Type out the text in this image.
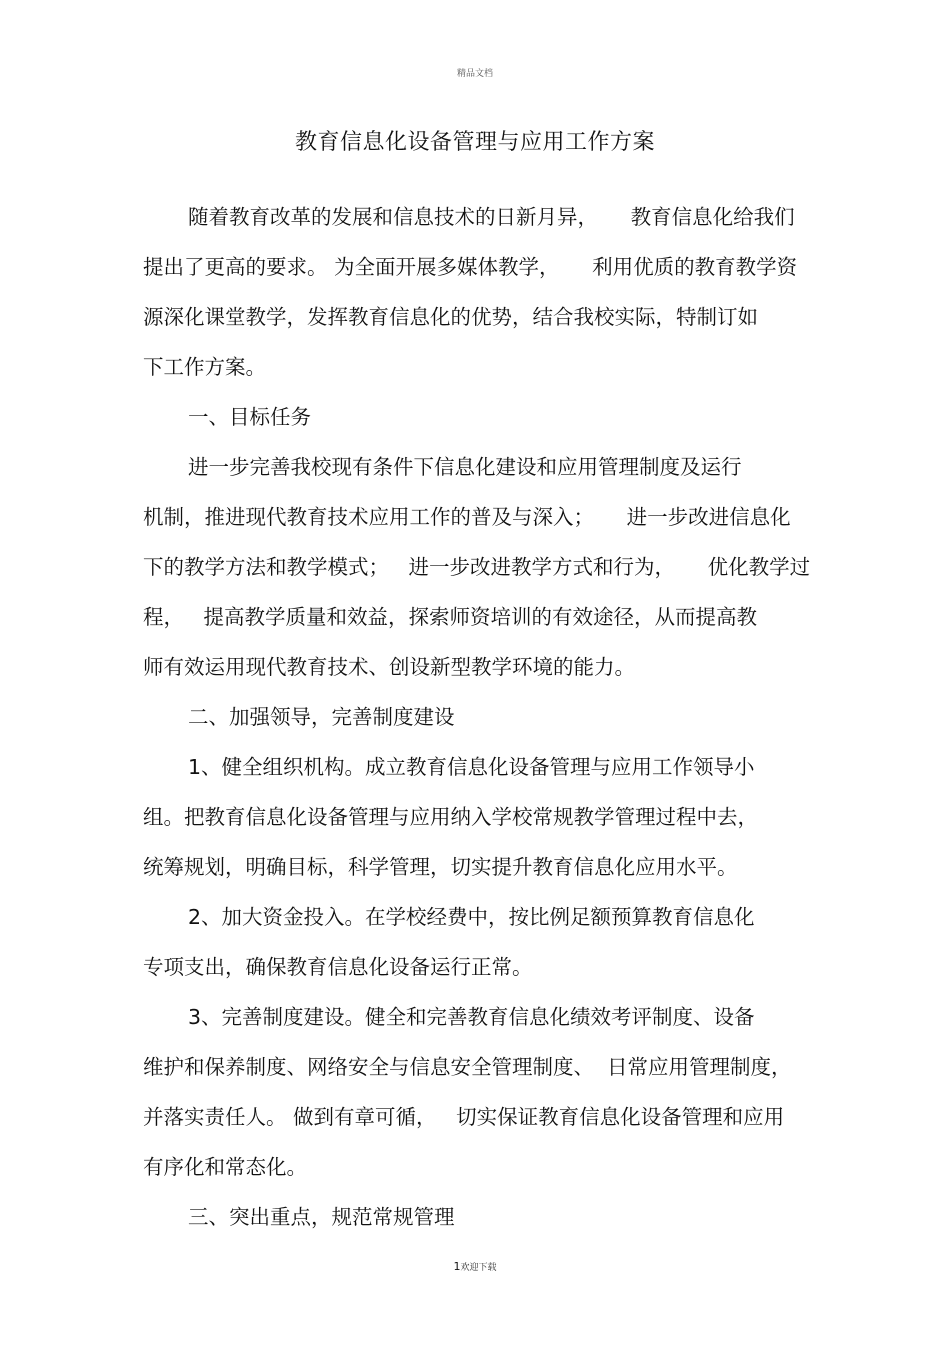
精品文档
教育信息化设备管理与应用工作方案
随着教育改革的发展和信息技术的日新月异，     教育信息化给我们
提出了更高的要求。 为全面开展多媒体教学，     利用优质的教育教学资
源深化课堂教学，发挥教育信息化的优势，结合我校实际，特制订如
下工作方案。
一、目标任务
进一步完善我校现有条件下信息化建设和应用管理制度及运行
机制，推进现代教育技术应用工作的普及与深入；     进一步改进信息化
下的教学方法和教学模式；   进一步改进教学方式和行为，     优化教学过
程，   提高教学质量和效益，探索师资培训的有效途径，从而提高教
师有效运用现代教育技术、创设新型教学环境的能力。
二、加强领导，完善制度建设
1、健全组织机构。成立教育信息化设备管理与应用工作领导小
组。把教育信息化设备管理与应用纳入学校常规教学管理过程中去，
统筹规划，明确目标，科学管理，切实提升教育信息化应用水平。
2、加大资金投入。在学校经费中，按比例足额预算教育信息化
专项支出，确保教育信息化设备运行正常。
3、完善制度建设。健全和完善教育信息化绩效考评制度、设备
维护和保养制度、网络安全与信息安全管理制度、  日常应用管理制度，
并落实责任人。 做到有章可循，   切实保证教育信息化设备管理和应用
有序化和常态化。
三、突出重点，规范常规管理
1欢迎下载
